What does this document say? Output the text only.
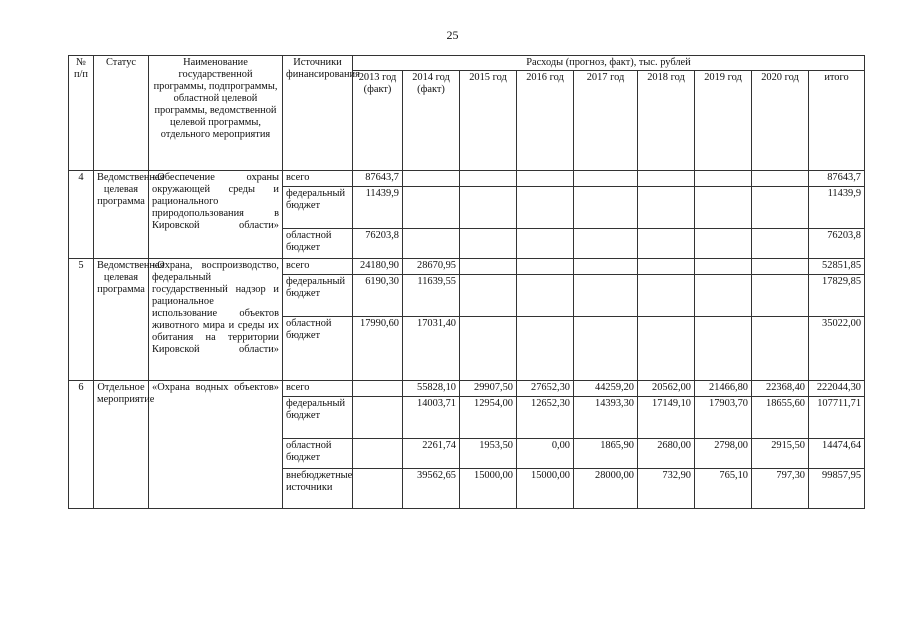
25
№ п/п	Статус	Наименование государственной программы, подпрограммы, областной целевой программы, ведомственной целевой программы, отдельного мероприятия	Источники финансирования	Расходы (прогноз, факт), тыс. рублей								
				2013 год (факт)	2014 год (факт)	2015 год	2016 год	2017 год	2018 год	2019 год	2020 год	итого
4	Ведомственная целевая программа	«Обеспечение охраны окружающей среды и рационального природопользования в Кировской области»	всего	87643,7								87643,7
			федеральный бюджет	11439,9								11439,9
			областной бюджет	76203,8								76203,8
5	Ведомственная целевая программа	«Охрана, воспроизводство, федеральный государственный надзор и рациональное использование объектов животного мира и среды их обитания на территории Кировской области»	всего	24180,90	28670,95							52851,85
			федеральный бюджет	6190,30	11639,55							17829,85
			областной бюджет	17990,60	17031,40							35022,00
6	Отдельное мероприятие	«Охрана водных объектов»	всего		55828,10	29907,50	27652,30	44259,20	20562,00	21466,80	22368,40	222044,30
			федеральный бюджет		14003,71	12954,00	12652,30	14393,30	17149,10	17903,70	18655,60	107711,71
			областной бюджет		2261,74	1953,50	0,00	1865,90	2680,00	2798,00	2915,50	14474,64
			внебюджетные источники		39562,65	15000,00	15000,00	28000,00	732,90	765,10	797,30	99857,95
